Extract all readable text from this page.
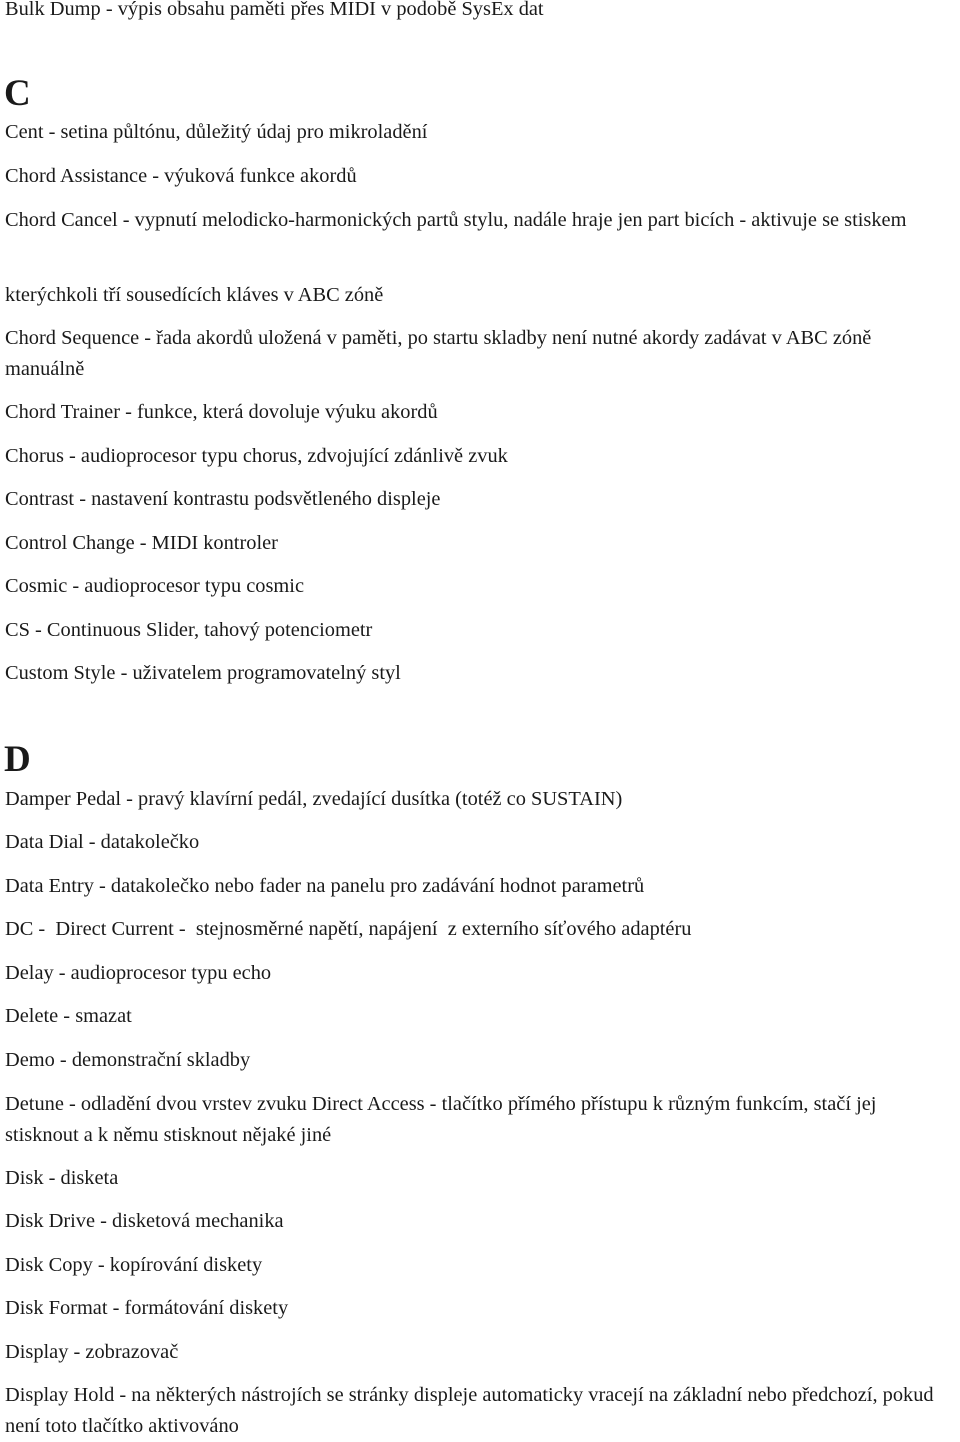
Bulk Dump - výpis obsahu paměti přes MIDI v podobě SysEx dat
C
Cent - setina půltónu, důležitý údaj pro mikroladění
Chord Assistance - výuková funkce akordů
Chord Cancel - vypnutí melodicko-harmonických partů stylu, nadále hraje jen part bicích - aktivuje se stiskem
kterýchkoli tří sousedících kláves v ABC zóně
Chord Sequence - řada akordů uložená v paměti, po startu skladby není nutné akordy zadávat v ABC zóně manuálně
Chord Trainer - funkce, která dovoluje výuku akordů
Chorus - audioprocesor typu chorus, zdvojující zdánlivě zvuk
Contrast - nastavení kontrastu podsvětleného displeje
Control Change - MIDI kontroler
Cosmic - audioprocesor typu cosmic
CS - Continuous Slider, tahový potenciometr
Custom Style - uživatelem programovatelný styl
D
Damper Pedal - pravý klavírní pedál, zvedající dusítka (totéž co SUSTAIN)
Data Dial - datakolečko
Data Entry - datakolečko nebo fader na panelu pro zadávání hodnot parametrů
DC -  Direct Current -  stejnosměrné napětí, napájení  z externího síťového adaptéru
Delay - audioprocesor typu echo
Delete - smazat
Demo - demonstrační skladby
Detune - odladění dvou vrstev zvuku Direct Access - tlačítko přímého přístupu k různým funkcím, stačí jej stisknout a k němu stisknout nějaké jiné
Disk - disketa
Disk Drive - disketová mechanika
Disk Copy - kopírování diskety
Disk Format - formátování diskety
Display - zobrazovač
Display Hold - na některých nástrojích se stránky displeje automaticky vracejí na základní nebo předchozí, pokud není toto tlačítko aktivováno
